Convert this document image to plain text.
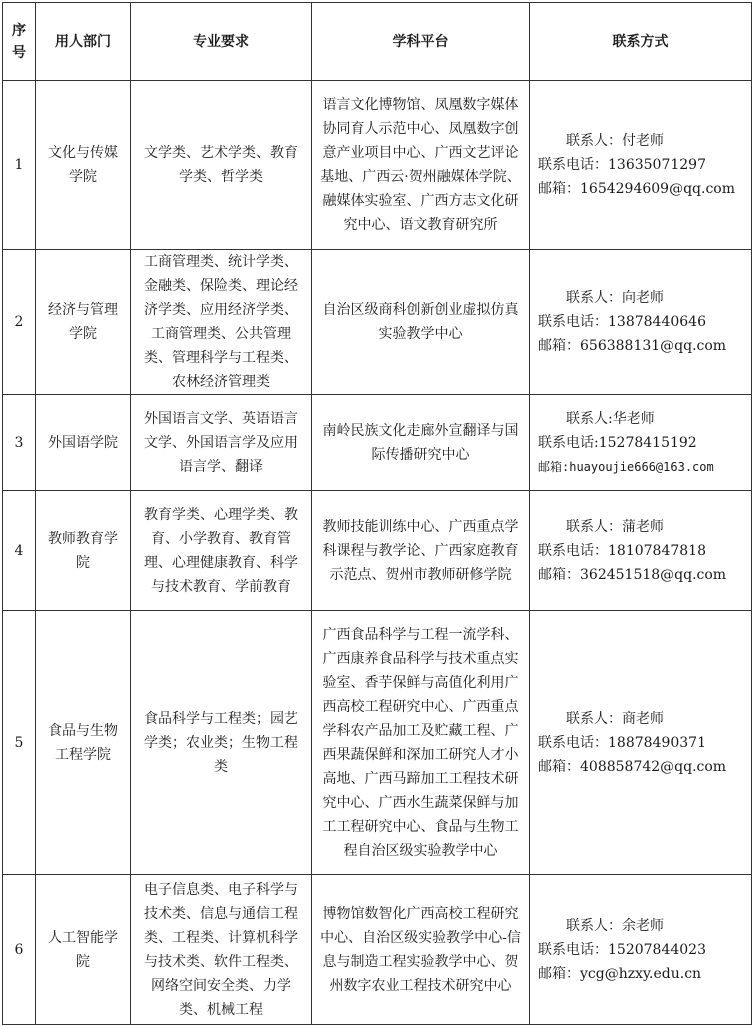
序号	用人部门	专业要求	学科平台	联系方式
1	文化与传媒学院	文学类、艺术学类、教育学类、哲学类	语言文化博物馆、凤凰数字媒体协同育人示范中心、凤凰数字创意产业项目中心、广西文艺评论基地、广西云·贺州融媒体学院、融媒体实验室、广西方志文化研究中心、语文教育研究所	联系人：付老师
联系电话：13635071297
邮箱：1654294609@qq.com

2	经济与管理学院	工商管理类、统计学类、金融类、保险类、理论经济学类、应用经济学类、工商管理类、公共管理类、管理科学与工程类、农林经济管理类	自治区级商科创新创业虚拟仿真实验教学中心	联系人：向老师
联系电话：13878440646
邮箱：656388131@qq.com

3	外国语学院	外国语言文学、英语语言文学、外国语言学及应用语言学、翻译	南岭民族文化走廊外宣翻译与国际传播研究中心	联系人:华老师
联系电话:15278415192
邮箱:huayoujie666@163.com

4	教师教育学院	教育学类、心理学类、教育、小学教育、教育管理、心理健康教育、科学与技术教育、学前教育	教师技能训练中心、广西重点学科课程与教学论、广西家庭教育示范点、贺州市教师研修学院	联系人：蒲老师
联系电话：18107847818
邮箱：362451518@qq.com

5	食品与生物工程学院	食品科学与工程类；园艺学类；农业类；生物工程类	广西食品科学与工程一流学科、广西康养食品科学与技术重点实验室、香芋保鲜与高值化利用广西高校工程研究中心、广西重点学科农产品加工及贮藏工程、广西果蔬保鲜和深加工研究人才小高地、广西马蹄加工工程技术研究中心、广西水生蔬菜保鲜与加工工程研究中心、食品与生物工程自治区级实验教学中心	联系人：商老师
联系电话：18878490371
邮箱：408858742@qq.com

6	人工智能学院	电子信息类、电子科学与技术类、信息与通信工程类、工程类、计算机科学与技术类、软件工程类、网络空间安全类、力学类、机械工程	博物馆数智化广西高校工程研究中心、自治区级实验教学中心-信息与制造工程实验教学中心、贺州数字农业工程技术研究中心	联系人：余老师
联系电话：15207844023
邮箱：ycg@hzxy.edu.cn
